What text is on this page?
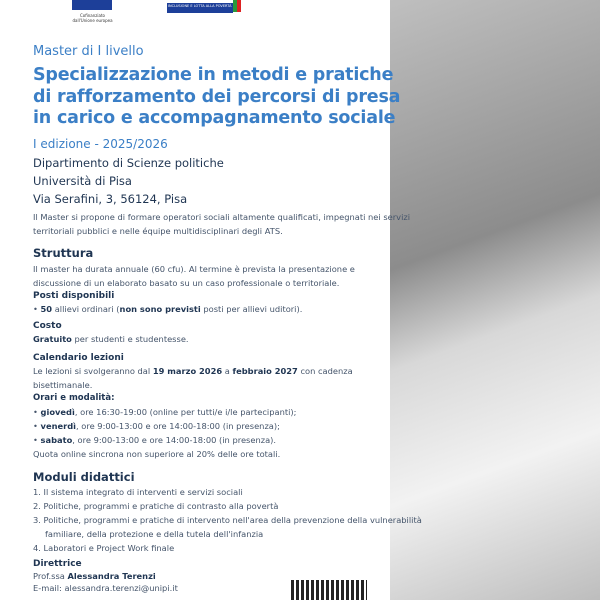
Cofinanziato dall'Unione europea
INCLUSIONE E LOTTA ALLA POVERTÀ
Master di I livello
Specializzazione in metodi e pratiche
di rafforzamento dei percorsi di presa
in carico e accompagnamento sociale
I edizione - 2025/2026
Dipartimento di Scienze politiche
Università di Pisa
Via Serafini, 3, 56124, Pisa
Il Master si propone di formare operatori sociali altamente qualificati, impegnati nei servizi
territoriali pubblici e nelle équipe multidisciplinari degli ATS.
Struttura
Il master ha durata annuale (60 cfu). Al termine è prevista la presentazione e
discussione di un elaborato basato su un caso professionale o territoriale.
Posti disponibili
• 50 allievi ordinari (non sono previsti posti per allievi uditori).
Costo
Gratuito per studenti e studentesse.
Calendario lezioni
Le lezioni si svolgeranno dal 19 marzo 2026 a febbraio 2027 con cadenza
bisettimanale.
Orari e modalità:
• giovedì, ore 16:30-19:00 (online per tutti/e i/le partecipanti);
• venerdì, ore 9:00-13:00 e ore 14:00-18:00 (in presenza);
• sabato, ore 9:00-13:00 e ore 14:00-18:00 (in presenza).
Quota online sincrona non superiore al 20% delle ore totali.
Moduli didattici
1. Il sistema integrato di interventi e servizi sociali
2. Politiche, programmi e pratiche di contrasto alla povertà
3. Politiche, programmi e pratiche di intervento nell'area della prevenzione della vulnerabilità
familiare, della protezione e della tutela dell'infanzia
4. Laboratori e Project Work finale
Direttrice
Prof.ssa Alessandra Terenzi
E-mail: alessandra.terenzi@unipi.it
